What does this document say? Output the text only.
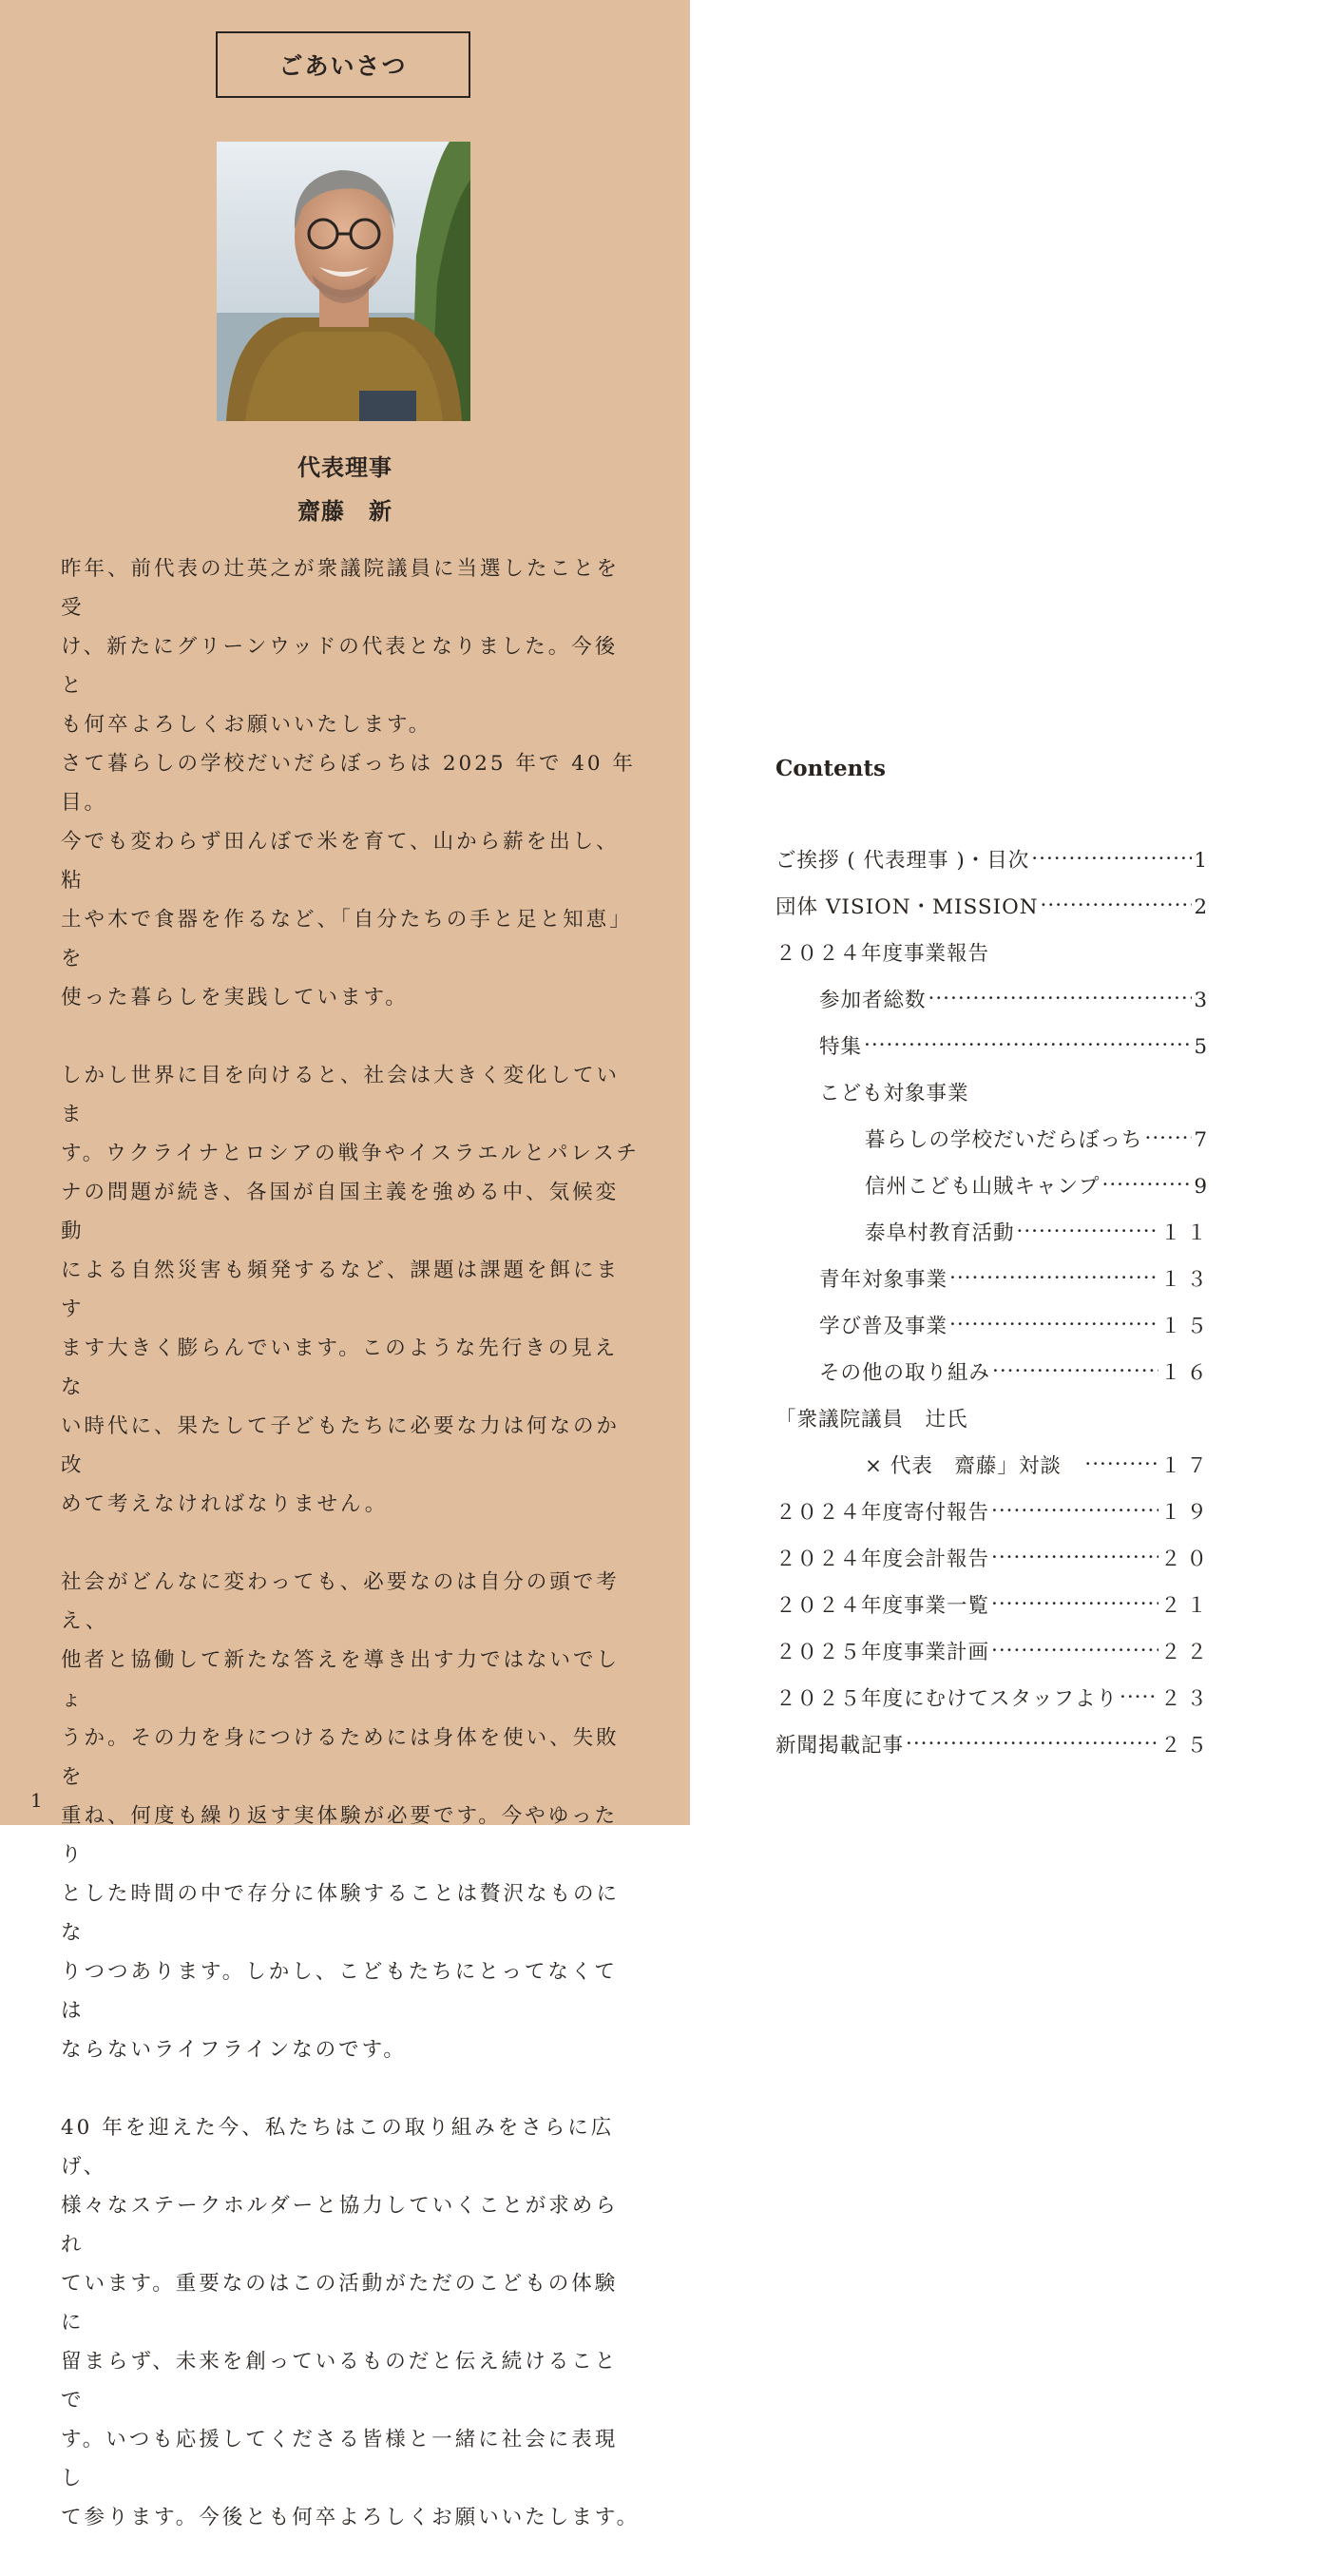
ごあいさつ
代表理事
齋藤　新

昨年、前代表の辻英之が衆議院議員に当選したことを受
け、新たにグリーンウッドの代表となりました。今後と
も何卒よろしくお願いいたします。
さて暮らしの学校だいだらぼっちは 2025 年で 40 年目。
今でも変わらず田んぼで米を育て、山から薪を出し、粘
土や木で食器を作るなど、「自分たちの手と足と知恵」を
使った暮らしを実践しています。

しかし世界に目を向けると、社会は大きく変化していま
す。ウクライナとロシアの戦争やイスラエルとパレスチ
ナの問題が続き、各国が自国主義を強める中、気候変動
による自然災害も頻発するなど、課題は課題を餌にます
ます大きく膨らんでいます。このような先行きの見えな
い時代に、果たして子どもたちに必要な力は何なのか改
めて考えなければなりません。

社会がどんなに変わっても、必要なのは自分の頭で考え、
他者と協働して新たな答えを導き出す力ではないでしょ
うか。その力を身につけるためには身体を使い、失敗を
重ね、何度も繰り返す実体験が必要です。今やゆったり
とした時間の中で存分に体験することは贅沢なものにな
りつつあります。しかし、こどもたちにとってなくては
ならないライフラインなのです。

40 年を迎えた今、私たちはこの取り組みをさらに広げ、
様々なステークホルダーと協力していくことが求められ
ています。重要なのはこの活動がただのこどもの体験に
留まらず、未来を創っているものだと伝え続けることで
す。いつも応援してくださる皆様と一緒に社会に表現し
て参ります。今後とも何卒よろしくお願いいたします。

1
Contents
ご挨拶 ( 代表理事 )・目次 ·····	1
団体 VISION・MISSION ·····	2
２０２４年度事業報告
参加者総数 ·····	3
特集 ·····	5
こども対象事業
暮らしの学校だいだらぼっち ·····	7
信州こども山賊キャンプ ·····	9
泰阜村教育活動 ·····	１１
青年対象事業 ·····	１３
学び普及事業 ·····	１５
その他の取り組み ·····	１６
「衆議院議員　辻氏
× 代表　齋藤」対談　 ·····	１７
２０２４年度寄付報告 ·····	１９
２０２４年度会計報告 ·····	２０
２０２４年度事業一覧 ·····	２１
２０２５年度事業計画 ·····	２２
２０２５年度にむけてスタッフより ····· ２３
新聞掲載記事 ·····	２５
